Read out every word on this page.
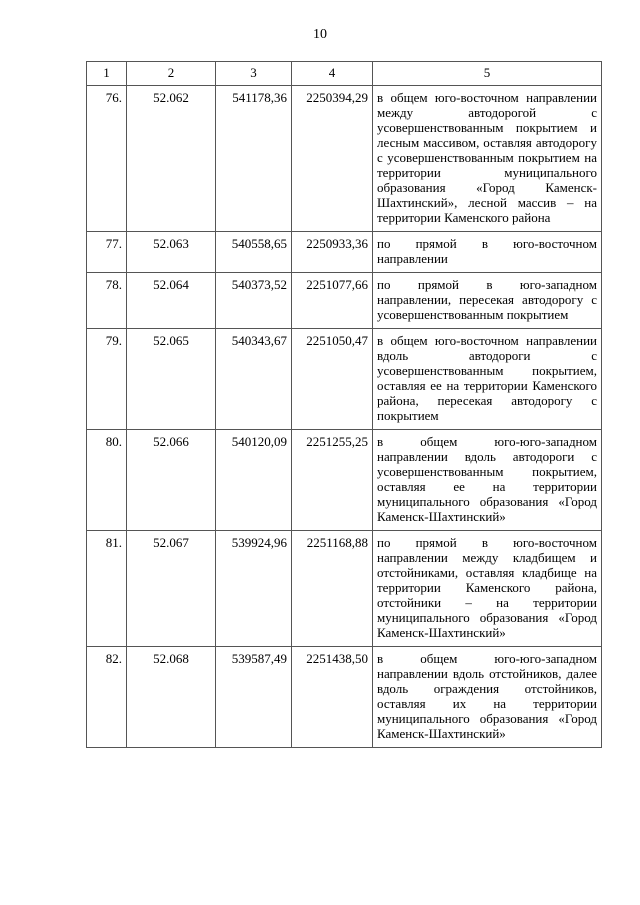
10
1	2	3	4	5
76.	52.062	541178,36	2250394,29	в общем юго-восточном направлении между автодорогой с усовершенствованным покрытием и лесным массивом, оставляя автодорогу с усовершенствованным покрытием на территории муниципального образования «Город Каменск-Шахтинский», лесной массив – на территории Каменского района
77.	52.063	540558,65	2250933,36	по прямой в юго-восточном направлении
78.	52.064	540373,52	2251077,66	по прямой в юго-западном направлении, пересекая автодорогу с усовершенствованным покрытием
79.	52.065	540343,67	2251050,47	в общем юго-восточном направлении вдоль автодороги с усовершенствованным покрытием, оставляя ее на территории Каменского района, пересекая автодорогу с покрытием
80.	52.066	540120,09	2251255,25	в общем юго-юго-западном направлении вдоль автодороги с усовершенствованным покрытием, оставляя ее на территории муниципального образования «Город Каменск-Шахтинский»
81.	52.067	539924,96	2251168,88	по прямой в юго-восточном направлении между кладбищем и отстойниками, оставляя кладбище на территории Каменского района, отстойники – на территории муниципального образования «Город Каменск-Шахтинский»
82.	52.068	539587,49	2251438,50	в общем юго-юго-западном направлении вдоль отстойников, далее вдоль ограждения отстойников, оставляя их на территории муниципального образования «Город Каменск-Шахтинский»
